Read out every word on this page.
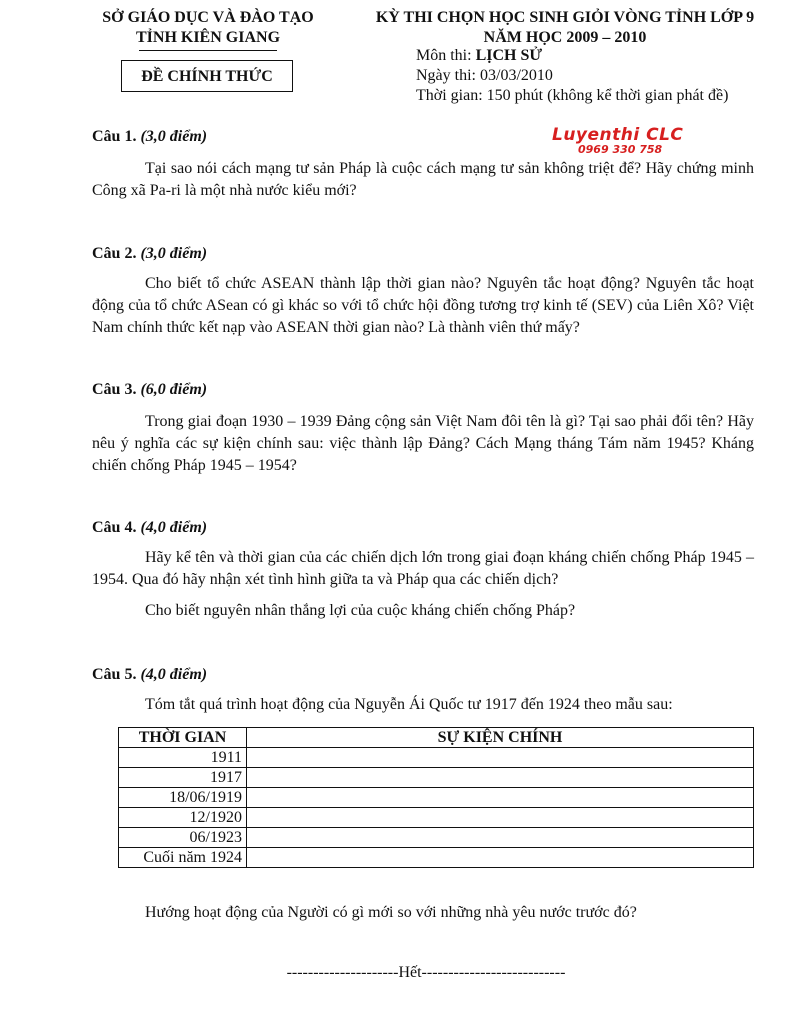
SỞ GIÁO DỤC VÀ ĐÀO TẠO
TỈNH KIÊN GIANG
ĐỀ CHÍNH THỨC
KỲ THI CHỌN HỌC SINH GIỎI VÒNG TỈNH LỚP 9
NĂM HỌC 2009 – 2010
Môn thi: LỊCH SỬ
Ngày thi: 03/03/2010
Thời gian: 150 phút (không kể thời gian phát đề)
Luyenthi CLC
0969 330 758
Câu 1. (3,0 điểm)
Tại sao nói cách mạng tư sản Pháp là cuộc cách mạng tư sản không triệt để? Hãy chứng minh Công xã Pa-ri là một nhà nước kiểu mới?
Câu 2. (3,0 điểm)
Cho biết tổ chức ASEAN thành lập thời gian nào? Nguyên tắc hoạt động? Nguyên tắc hoạt động của tổ chức ASean có gì khác so với tổ chức hội đồng tương trợ kinh tế (SEV) của Liên Xô? Việt Nam chính thức kết nạp vào ASEAN thời gian nào? Là thành viên thứ mấy?
Câu 3. (6,0 điểm)
Trong giai đoạn 1930 – 1939 Đảng cộng sản Việt Nam đôi tên là gì? Tại sao phải đổi tên? Hãy nêu ý nghĩa các sự kiện chính sau: việc thành lập Đảng? Cách Mạng tháng Tám năm 1945? Kháng chiến chống Pháp 1945 – 1954?
Câu 4. (4,0 điểm)
Hãy kể tên và thời gian của các chiến dịch lớn trong giai đoạn kháng chiến chống Pháp 1945 – 1954. Qua đó hãy nhận xét tình hình giữa ta và Pháp qua các chiến dịch?
Cho biết nguyên nhân thắng lợi của cuộc kháng chiến chống Pháp?
Câu 5. (4,0 điểm)
Tóm tắt quá trình hoạt động của Nguyễn Ái Quốc tư 1917 đến 1924 theo mẫu sau:
THỜI GIAN	SỰ KIỆN CHÍNH
1911	
1917	
18/06/1919	
12/1920	
06/1923	
Cuối năm 1924	
Hướng hoạt động của Người có gì mới so với những nhà yêu nước trước đó?
---------------------Hết---------------------------
